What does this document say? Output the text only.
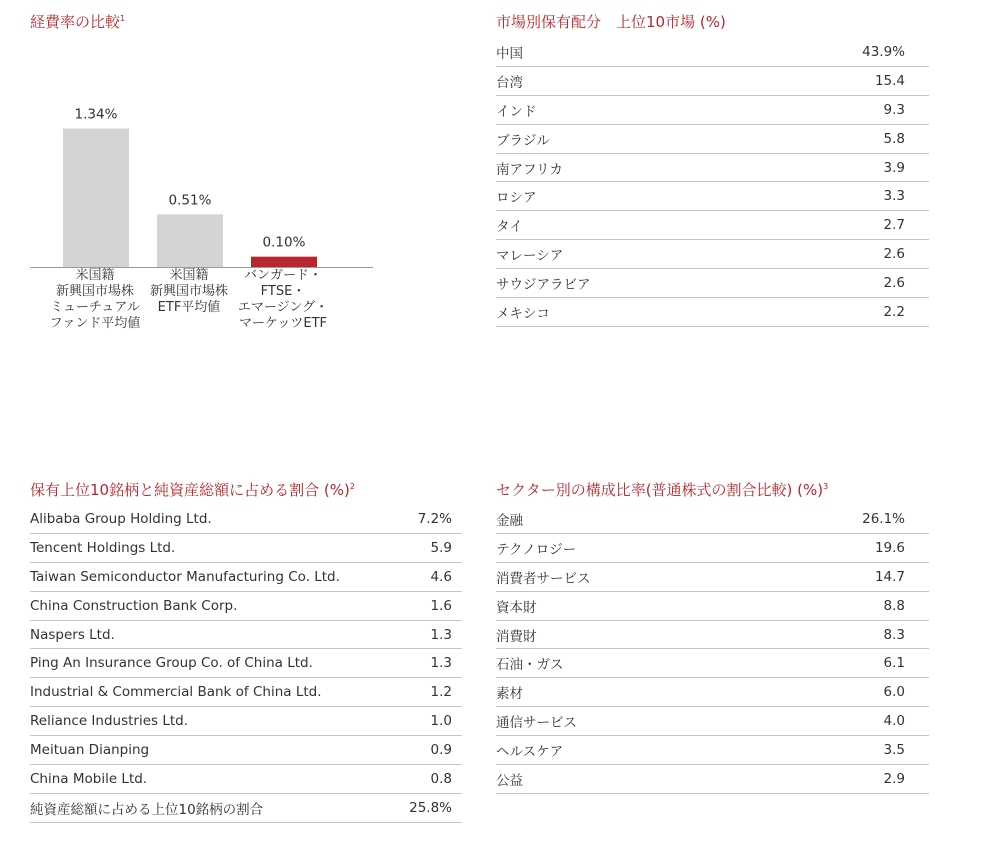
経費率の比較$^1$
1.34%
0.51%
0.10%
米国籍
新興国市場株
ミューチュアル
ファンド平均値
米国籍
新興国市場株
ETF平均値
バンガード・
FTSE・
エマージング・
マーケッツETF
市場別保有配分　上位10市場 (%)
中国	43.9%
台湾	15.4
インド	9.3
ブラジル	5.8
南アフリカ	3.9
ロシア	3.3
タイ	2.7
マレーシア	2.6
サウジアラビア	2.6
メキシコ	2.2
保有上位10銘柄と純資産総額に占める割合 (%)$^2$
Alibaba Group Holding Ltd.	7.2%
Tencent Holdings Ltd.	5.9
Taiwan Semiconductor Manufacturing Co. Ltd.	4.6
China Construction Bank Corp.	1.6
Naspers Ltd.	1.3
Ping An Insurance Group Co. of China Ltd.	1.3
Industrial & Commercial Bank of China Ltd.	1.2
Reliance Industries Ltd.	1.0
Meituan Dianping	0.9
China Mobile Ltd.	0.8
純資産総額に占める上位10銘柄の割合	25.8%
セクター別の構成比率(普通株式の割合比較) (%)$^3$
金融	26.1%
テクノロジー	19.6
消費者サービス	14.7
資本財	8.8
消費財	8.3
石油・ガス	6.1
素材	6.0
通信サービス	4.0
ヘルスケア	3.5
公益	2.9
